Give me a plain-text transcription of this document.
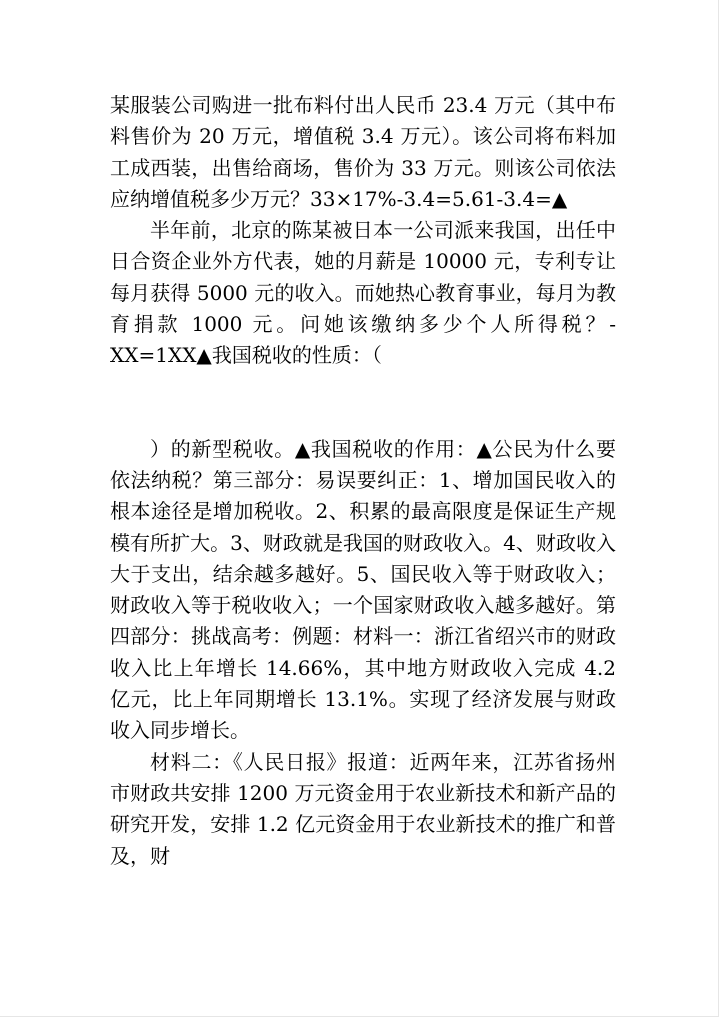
某服装公司购进一批布料付出人民币 23.4 万元（其中布料售价为 20 万元，增值税 3.4 万元）。该公司将布料加工成西装，出售给商场，售价为 33 万元。则该公司依法应纳增值税多少万元？33×17%-3.4=5.61-3.4=▲

半年前，北京的陈某被日本一公司派来我国，出任中日合资企业外方代表，她的月薪是 10000 元，专利专让每月获得 5000 元的收入。而她热心教育事业，每月为教育捐款 1000 元。问她该缴纳多少个人所得税？-XX=1XX▲我国税收的性质：（

）的新型税收。▲我国税收的作用：▲公民为什么要依法纳税？第三部分：易误要纠正：1、增加国民收入的根本途径是增加税收。2、积累的最高限度是保证生产规模有所扩大。3、财政就是我国的财政收入。4、财政收入大于支出，结余越多越好。5、国民收入等于财政收入；财政收入等于税收收入；一个国家财政收入越多越好。第四部分：挑战高考：例题：材料一：浙江省绍兴市的财政收入比上年增长 14.66%，其中地方财政收入完成 4.2 亿元，比上年同期增长 13.1%。实现了经济发展与财政收入同步增长。

材料二：《人民日报》报道：近两年来，江苏省扬州市财政共安排 1200 万元资金用于农业新技术和新产品的研究开发，安排 1.2 亿元资金用于农业新技术的推广和普及，财
